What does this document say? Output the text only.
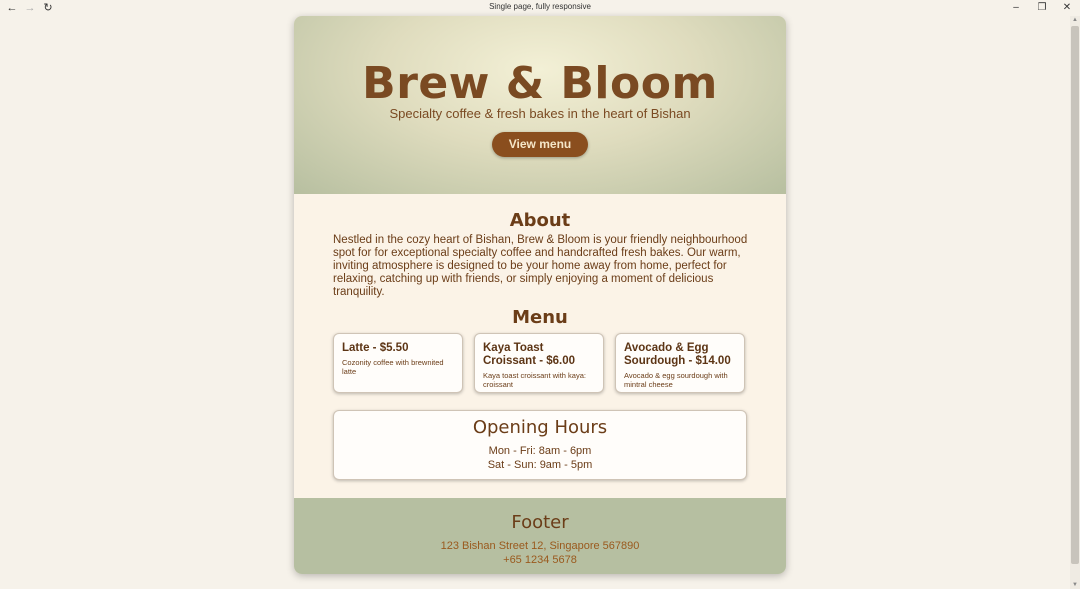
← → ↻	Single page, fully responsive	–	❐	✕
▲
▼
Brew & Bloom

Specialty coffee & fresh bakes in the heart of Bishan

View menu
About

Nestled in the cozy heart of Bishan, Brew & Bloom is your friendly neighbourhood spot for for exceptional specialty coffee and handcrafted fresh bakes. Our warm, inviting atmosphere is designed to be your home away from home, perfect for relaxing, catching up with friends, or simply enjoying a moment of delicious tranquility.

Menu
Latte - $5.50
Cozonity coffee with brewnited latte
Kaya Toast Croissant - $6.00
Kaya toast croissant with kaya: croissant
Avocado & Egg Sourdough - $14.00
Avocado & egg sourdough with mintral cheese
Opening Hours
Mon - Fri: 8am - 6pm
Sat - Sun: 9am - 5pm
Footer
123 Bishan Street 12, Singapore 567890
+65 1234 5678
